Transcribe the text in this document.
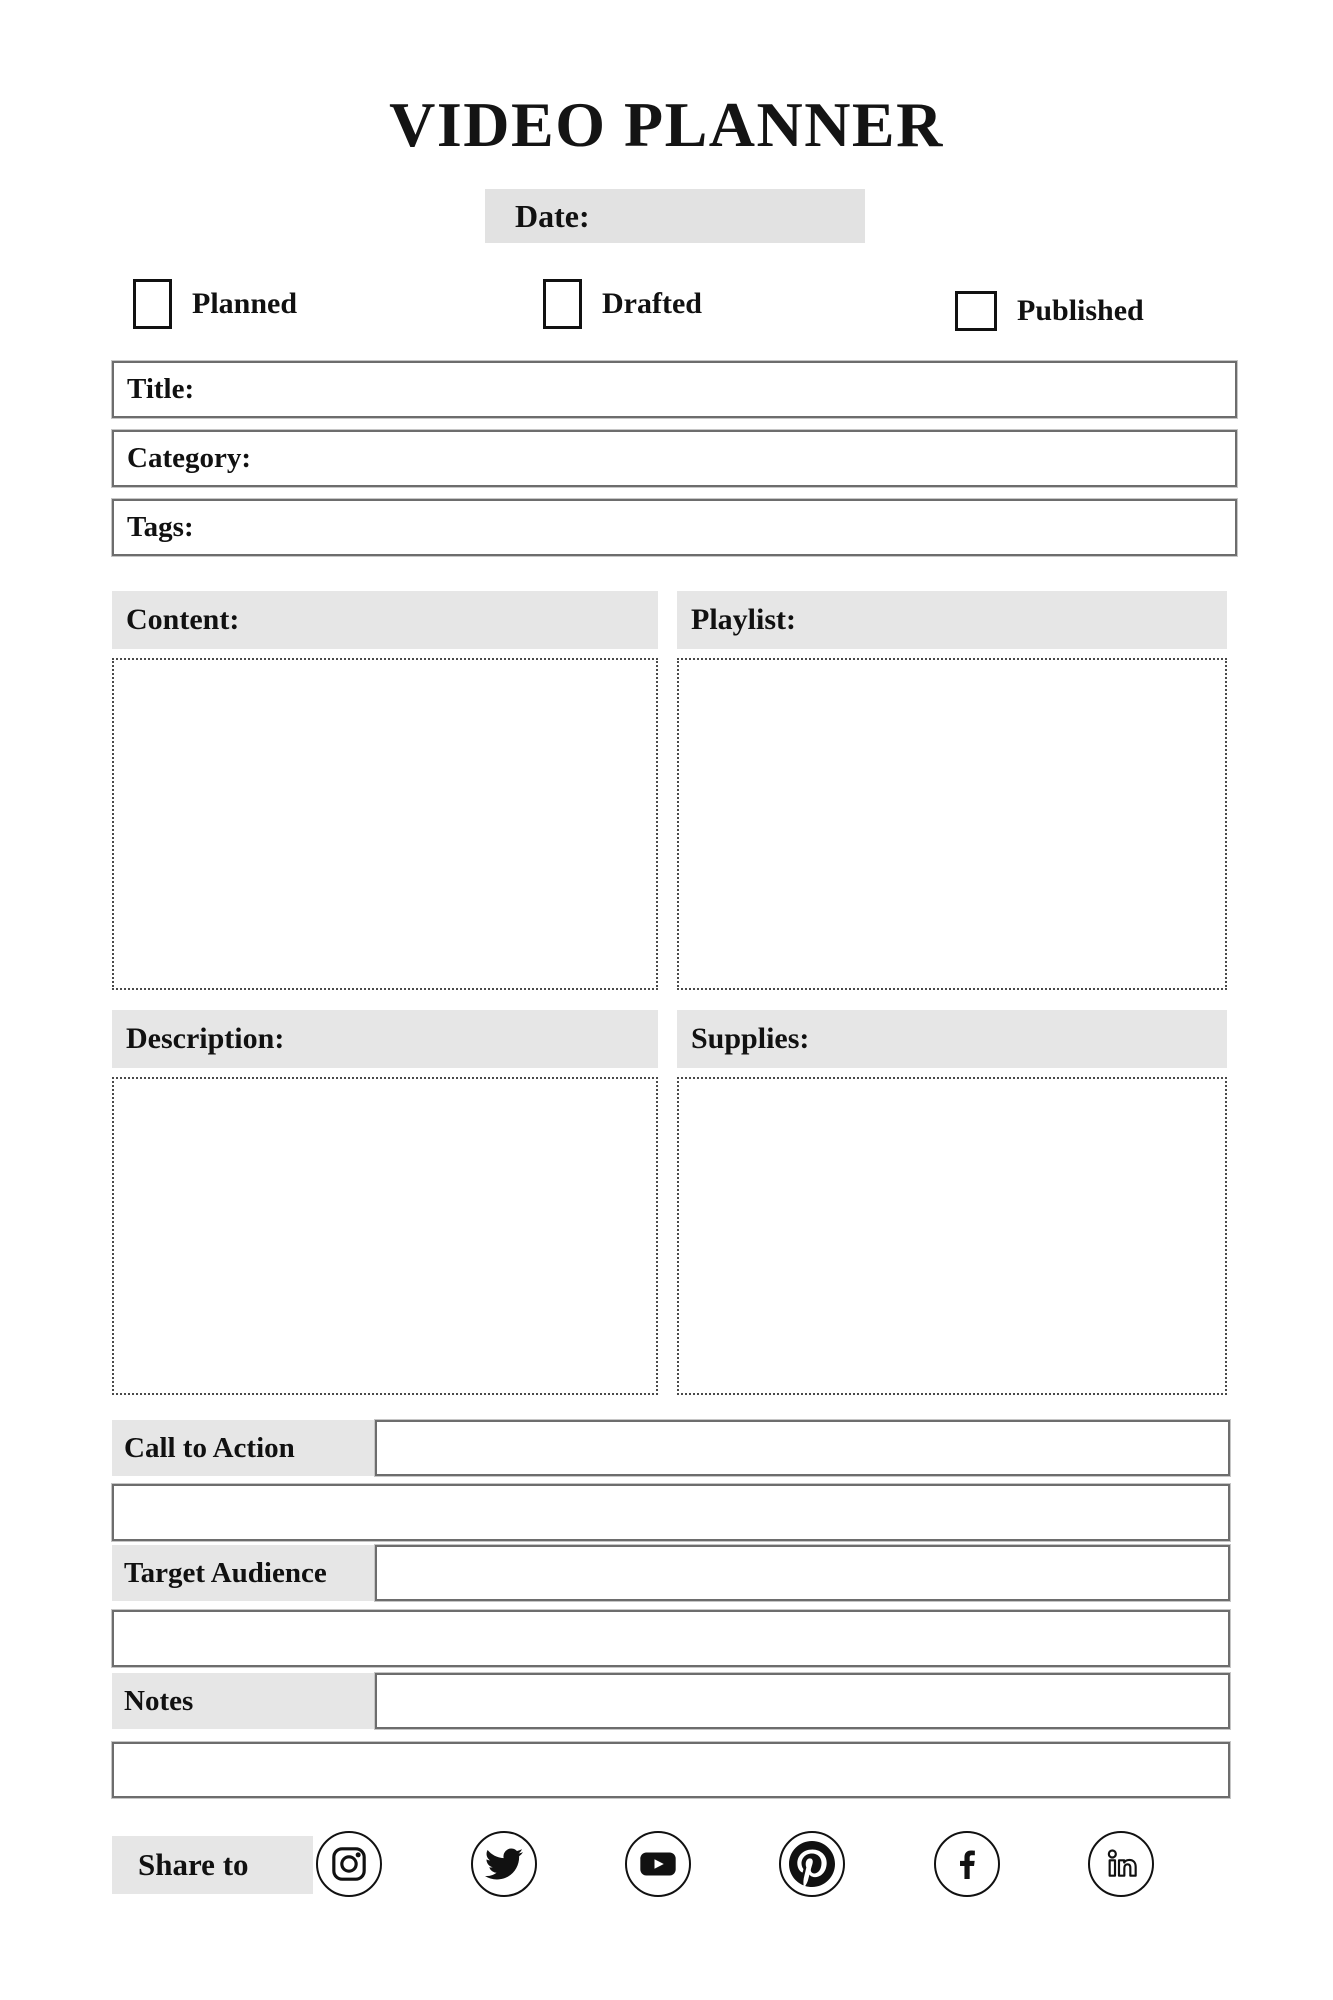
VIDEO PLANNER
Date:
Planned	Drafted	Published
Title:
Category:
Tags:
Content:	Playlist:
Description:	Supplies:
Call to Action
Target Audience
Notes
Share to
